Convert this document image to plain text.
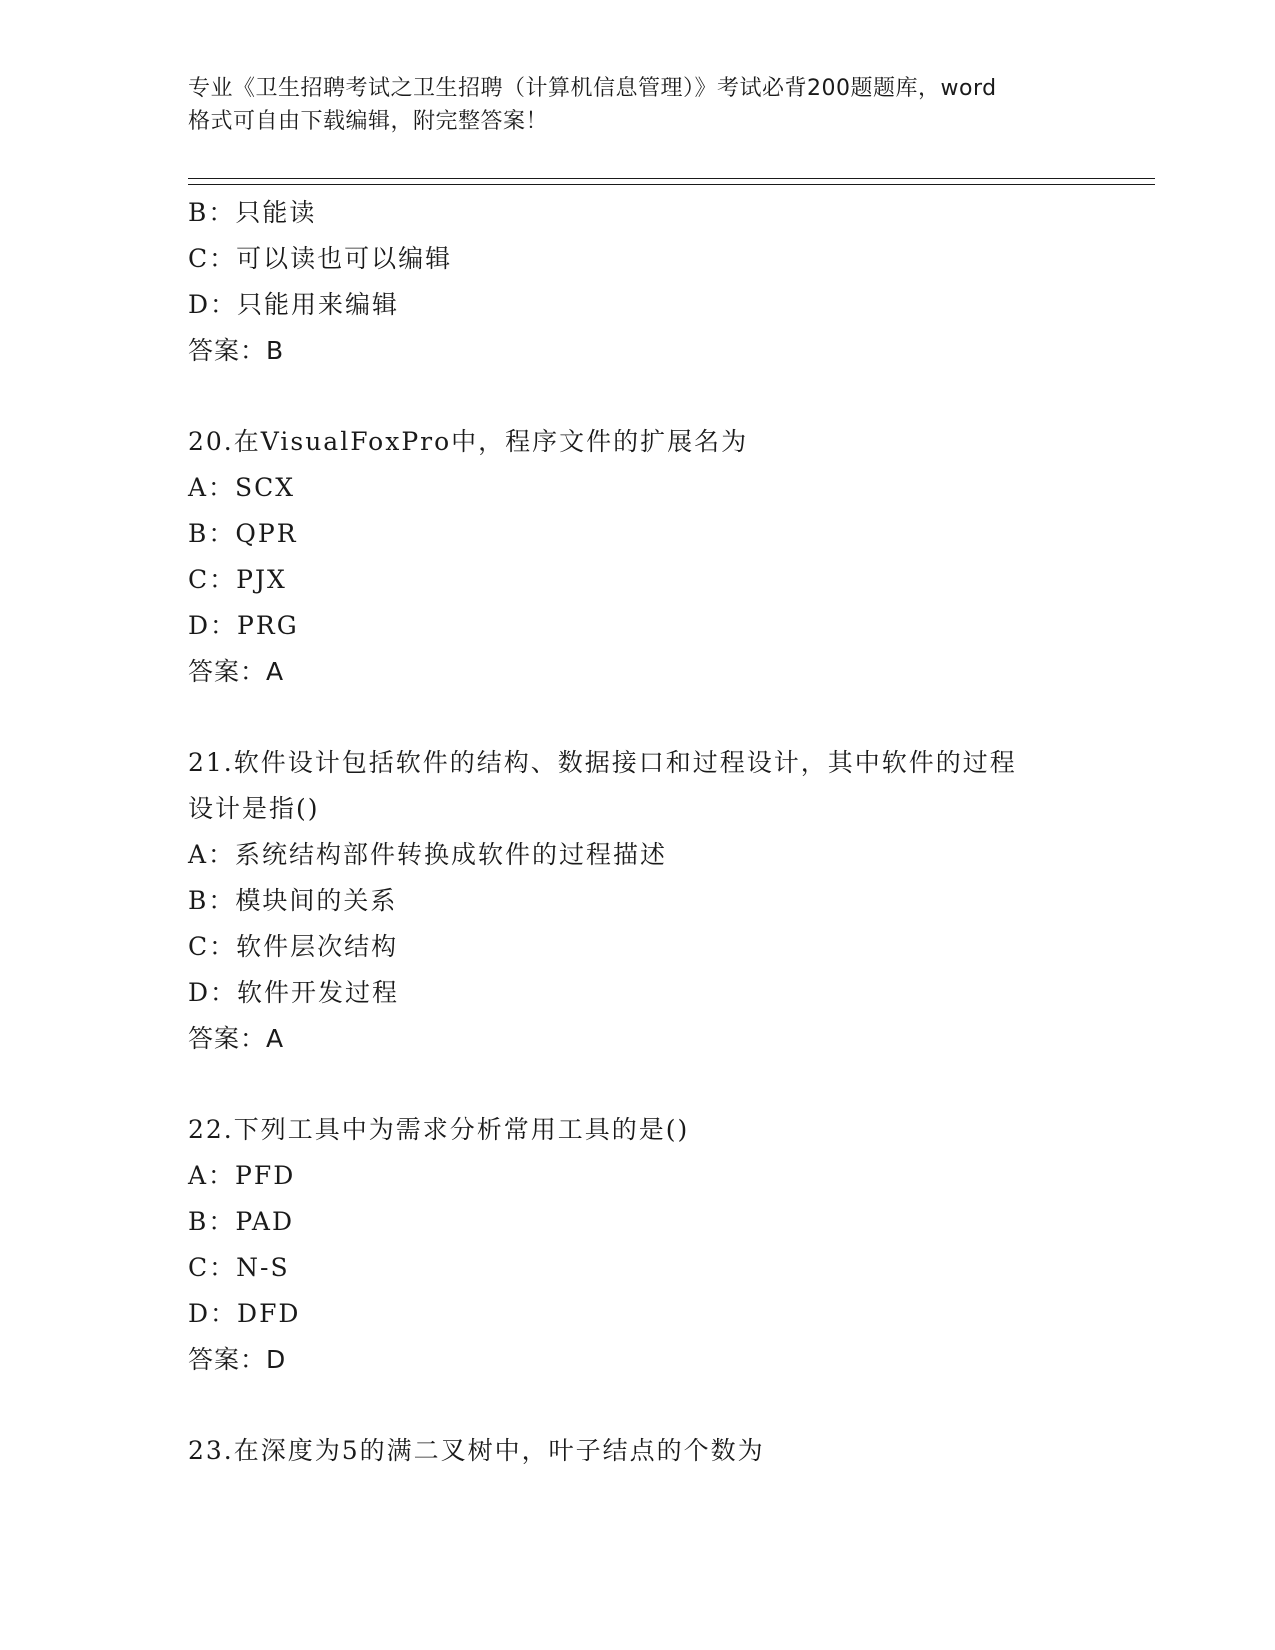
专业《卫生招聘考试之卫生招聘（计算机信息管理）》考试必背200题题库，word
格式可自由下载编辑，附完整答案！
B：只能读
C：可以读也可以编辑
D：只能用来编辑
答案：B
20.在VisualFoxPro中，程序文件的扩展名为
A：SCX
B：QPR
C：PJX
D：PRG
答案：A
21.软件设计包括软件的结构、数据接口和过程设计，其中软件的过程
设计是指()
A：系统结构部件转换成软件的过程描述
B：模块间的关系
C：软件层次结构
D：软件开发过程
答案：A
22.下列工具中为需求分析常用工具的是()
A：PFD
B：PAD
C：N-S
D：DFD
答案：D
23.在深度为5的满二叉树中，叶子结点的个数为
